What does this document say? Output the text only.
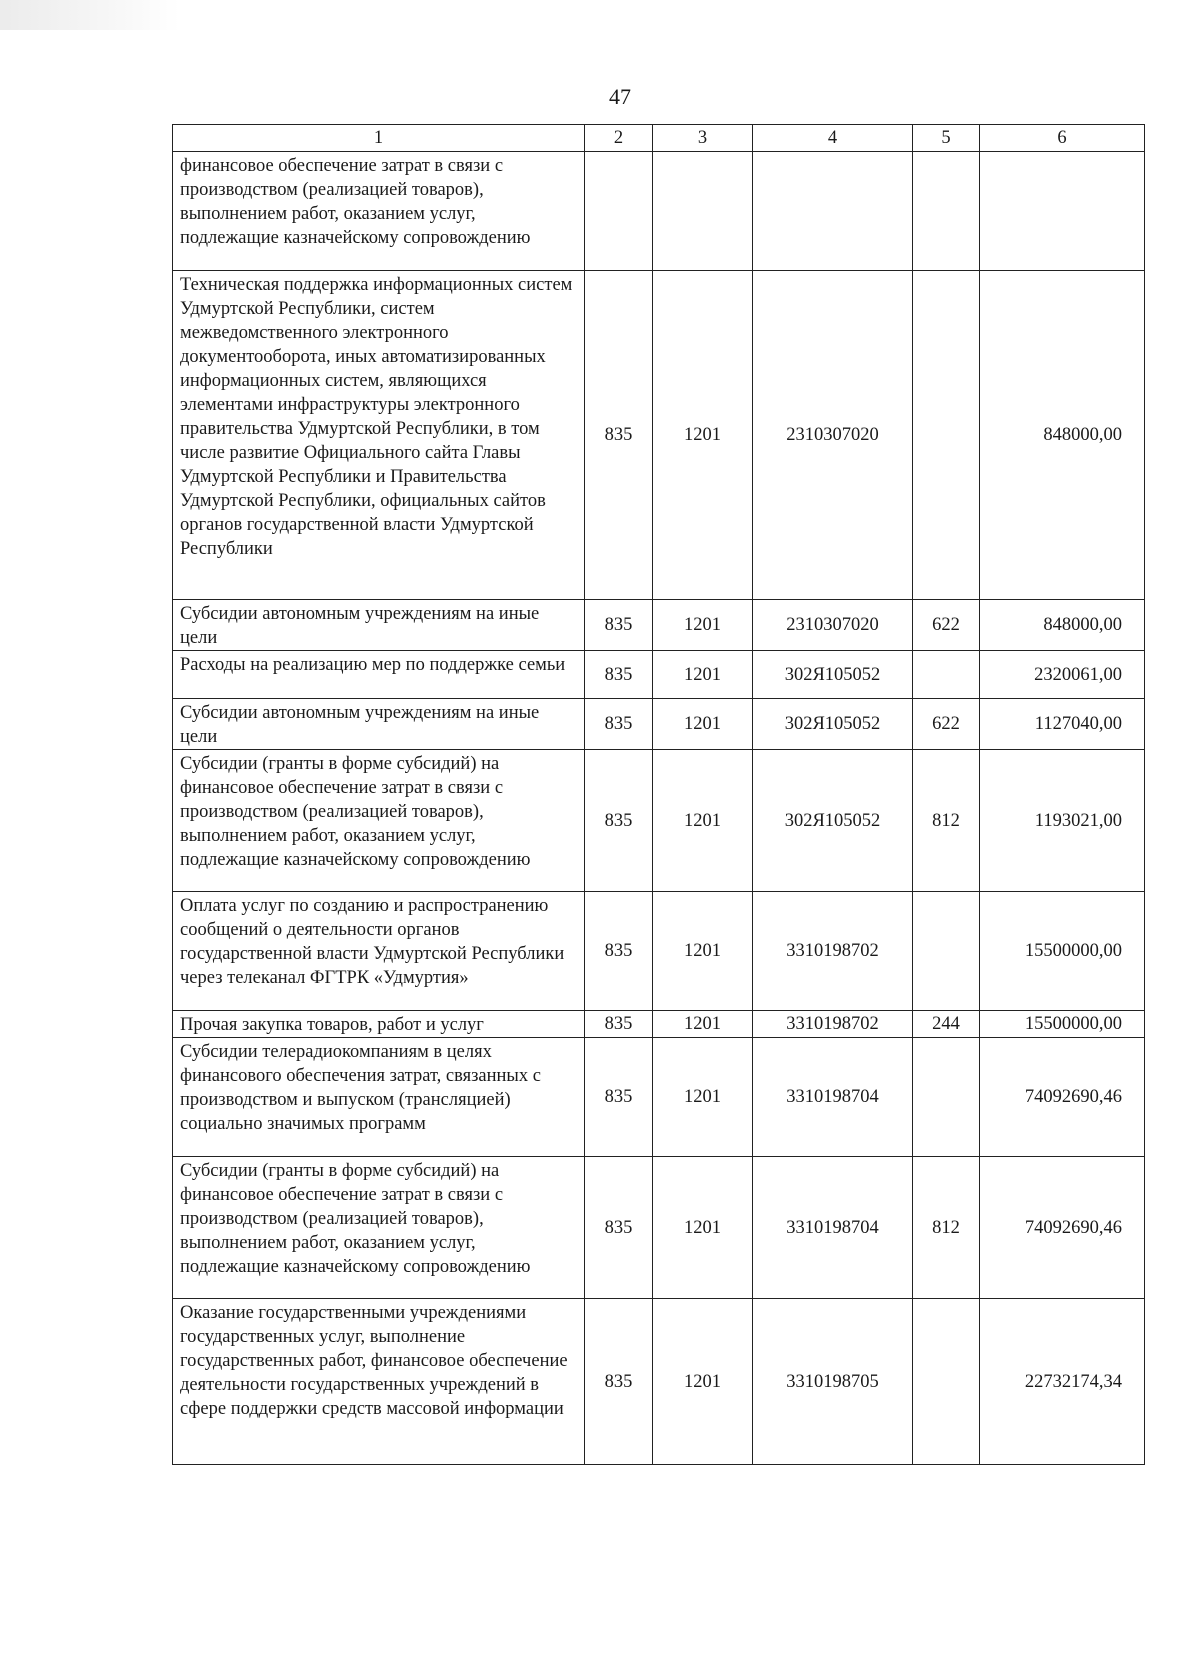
47
1	2	3	4	5	6
финансовое обеспечение затрат в связи с производством (реализацией товаров), выполнением работ, оказанием услуг, подлежащие казначейскому сопровождению					
Техническая поддержка информационных систем Удмуртской Республики, систем межведомственного электронного документооборота, иных автоматизированных информационных систем, являющихся элементами инфраструктуры электронного правительства Удмуртской Республики, в том числе развитие Официального сайта Главы Удмуртской Республики и Правительства Удмуртской Республики, официальных сайтов органов государственной власти Удмуртской Республики	835	1201	2310307020		848000,00
Субсидии автономным учреждениям на иные цели	835	1201	2310307020	622	848000,00
Расходы на реализацию мер по поддержке семьи	835	1201	302Я105052		2320061,00
Субсидии автономным учреждениям на иные цели	835	1201	302Я105052	622	1127040,00
Субсидии (гранты в форме субсидий) на финансовое обеспечение затрат в связи с производством (реализацией товаров), выполнением работ, оказанием услуг, подлежащие казначейскому сопровождению	835	1201	302Я105052	812	1193021,00
Оплата услуг по созданию и распространению сообщений о деятельности органов государственной власти Удмуртской Республики через телеканал ФГТРК «Удмуртия»	835	1201	3310198702		15500000,00
Прочая закупка товаров, работ и услуг	835	1201	3310198702	244	15500000,00
Субсидии телерадиокомпаниям в целях финансового обеспечения затрат, связанных с производством и выпуском (трансляцией) социально значимых программ	835	1201	3310198704		74092690,46
Субсидии (гранты в форме субсидий) на финансовое обеспечение затрат в связи с производством (реализацией товаров), выполнением работ, оказанием услуг, подлежащие казначейскому сопровождению	835	1201	3310198704	812	74092690,46
Оказание государственными учреждениями государственных услуг, выполнение государственных работ, финансовое обеспечение деятельности государственных учреждений в сфере поддержки средств массовой информации	835	1201	3310198705		22732174,34
